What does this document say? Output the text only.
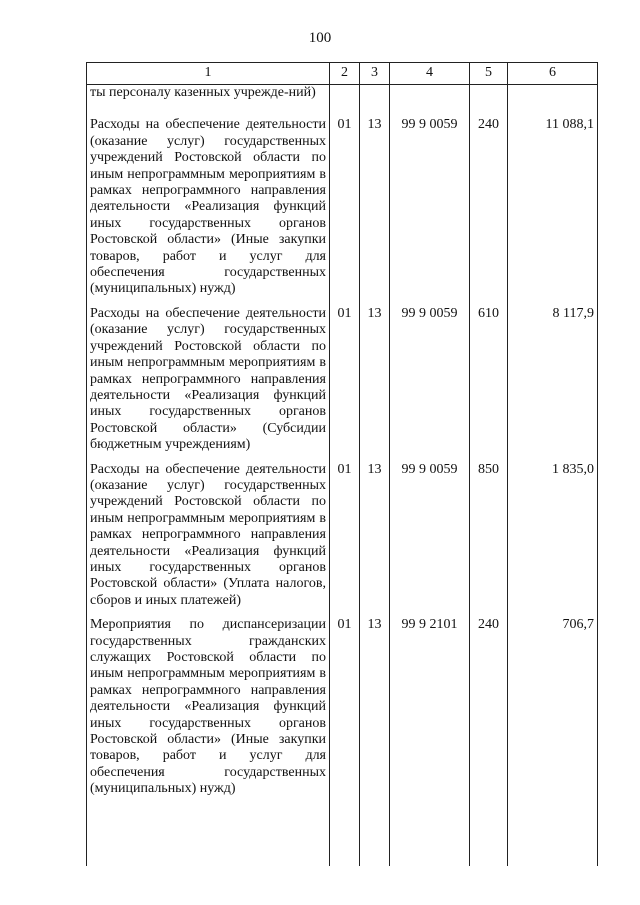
100
1	2	3	4	5	6
ты персоналу казенных учрежде-ний)					
Расходы на обеспечение деятельности (оказание услуг) государственных учреждений Ростовской области по иным непрограммным мероприятиям в рамках непрограммного направления деятельности «Реализация функций иных государственных органов Ростовской области» (Иные закупки товаров, работ и услуг для обеспечения государственных (муниципальных) нужд)	01	13	99 9 0059	240	11 088,1
Расходы на обеспечение деятельности (оказание услуг) государственных учреждений Ростовской области по иным непрограммным мероприятиям в рамках непрограммного направления деятельности «Реализация функций иных государственных органов Ростовской области» (Субсидии бюджетным учреждениям)	01	13	99 9 0059	610	8 117,9
Расходы на обеспечение деятельности (оказание услуг) государственных учреждений Ростовской области по иным непрограммным мероприятиям в рамках непрограммного направления деятельности «Реализация функций иных государственных органов Ростовской области» (Уплата налогов, сборов и иных платежей)	01	13	99 9 0059	850	1 835,0
Мероприятия по диспансеризации государственных гражданских служащих Ростовской области по иным непрограммным мероприятиям в рамках непрограммного направления деятельности «Реализация функций иных государственных органов Ростовской области» (Иные закупки товаров, работ и услуг для обеспечения государственных (муниципальных) нужд)	01	13	99 9 2101	240	706,7
